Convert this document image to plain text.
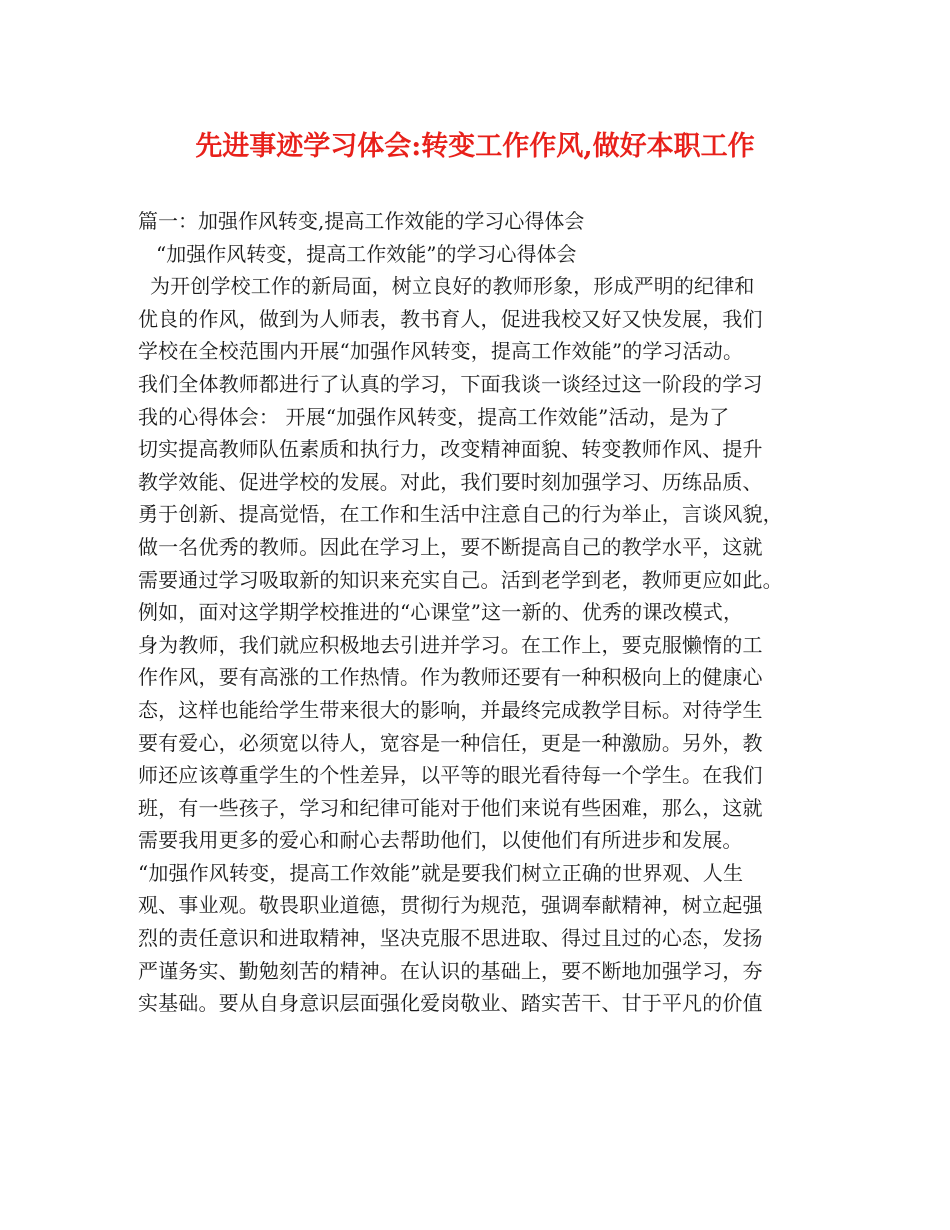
先进事迹学习体会:转变工作作风,做好本职工作
篇一：加强作风转变,提高工作效能的学习心得体会
“加强作风转变，提高工作效能”的学习心得体会
为开创学校工作的新局面，树立良好的教师形象，形成严明的纪律和
优良的作风，做到为人师表，教书育人，促进我校又好又快发展，我们
学校在全校范围内开展“加强作风转变，提高工作效能”的学习活动。
我们全体教师都进行了认真的学习，下面我谈一谈经过这一阶段的学习
我的心得体会： 开展“加强作风转变，提高工作效能”活动，是为了
切实提高教师队伍素质和执行力，改变精神面貌、转变教师作风、提升
教学效能、促进学校的发展。对此，我们要时刻加强学习、历练品质、
勇于创新、提高觉悟，在工作和生活中注意自己的行为举止，言谈风貌，
做一名优秀的教师。因此在学习上，要不断提高自己的教学水平，这就
需要通过学习吸取新的知识来充实自己。活到老学到老，教师更应如此。
例如，面对这学期学校推进的“心课堂”这一新的、优秀的课改模式，
身为教师，我们就应积极地去引进并学习。在工作上，要克服懒惰的工
作作风，要有高涨的工作热情。作为教师还要有一种积极向上的健康心
态，这样也能给学生带来很大的影响，并最终完成教学目标。对待学生
要有爱心，必须宽以待人，宽容是一种信任，更是一种激励。另外，教
师还应该尊重学生的个性差异，以平等的眼光看待每一个学生。在我们
班，有一些孩子，学习和纪律可能对于他们来说有些困难，那么，这就
需要我用更多的爱心和耐心去帮助他们，以使他们有所进步和发展。
“加强作风转变，提高工作效能”就是要我们树立正确的世界观、人生
观、事业观。敬畏职业道德，贯彻行为规范，强调奉献精神，树立起强
烈的责任意识和进取精神，坚决克服不思进取、得过且过的心态，发扬
严谨务实、勤勉刻苦的精神。在认识的基础上，要不断地加强学习，夯
实基础。要从自身意识层面强化爱岗敬业、踏实苦干、甘于平凡的价值
